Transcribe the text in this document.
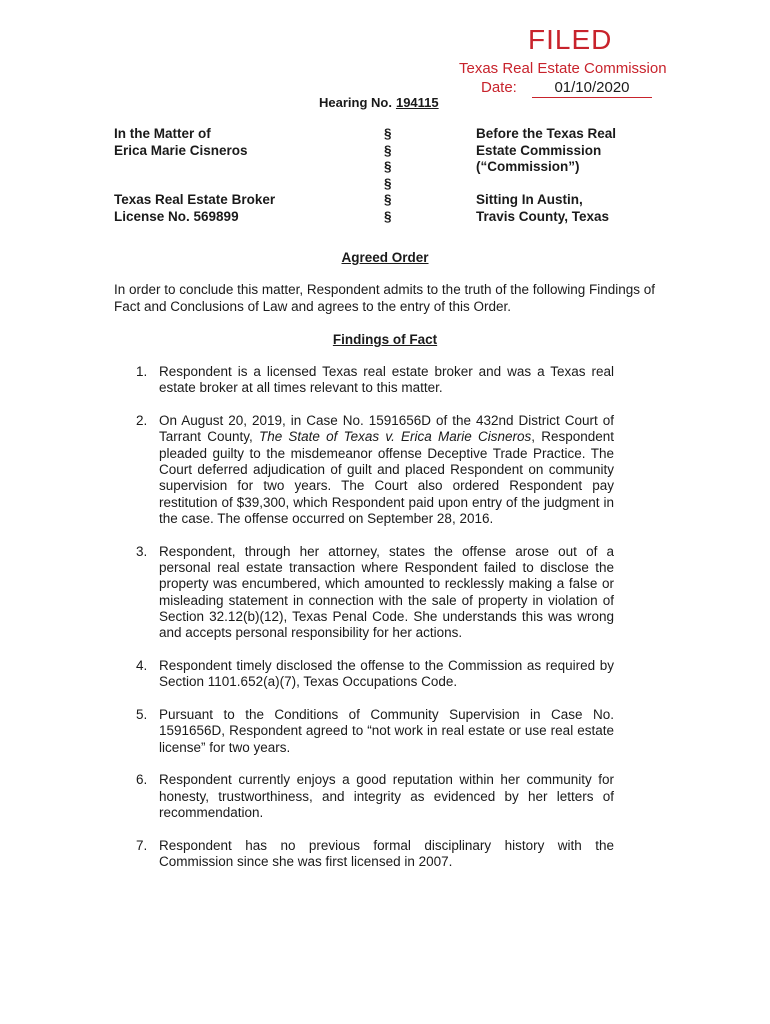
FILED
Texas Real Estate Commission
Date:	01/10/2020
Hearing No. 194115
In the Matter of
Erica Marie Cisneros
Texas Real Estate Broker
License No. 569899
§
§
§
§
§
§
Before the Texas Real
Estate Commission
(“Commission”)
Sitting In Austin,
Travis County, Texas
Agreed Order
In order to conclude this matter, Respondent admits to the truth of the following Findings of Fact and Conclusions of Law and agrees to the entry of this Order.
Findings of Fact
1. Respondent is a licensed Texas real estate broker and was a Texas real estate broker at all times relevant to this matter.
2. On August 20, 2019, in Case No. 1591656D of the 432nd District Court of Tarrant County, The State of Texas v. Erica Marie Cisneros, Respondent pleaded guilty to the misdemeanor offense Deceptive Trade Practice. The Court deferred adjudication of guilt and placed Respondent on community supervision for two years. The Court also ordered Respondent pay restitution of $39,300, which Respondent paid upon entry of the judgment in the case. The offense occurred on September 28, 2016.
3. Respondent, through her attorney, states the offense arose out of a personal real estate transaction where Respondent failed to disclose the property was encumbered, which amounted to recklessly making a false or misleading statement in connection with the sale of property in violation of Section 32.12(b)(12), Texas Penal Code. She understands this was wrong and accepts personal responsibility for her actions.
4. Respondent timely disclosed the offense to the Commission as required by Section 1101.652(a)(7), Texas Occupations Code.
5. Pursuant to the Conditions of Community Supervision in Case No. 1591656D, Respondent agreed to “not work in real estate or use real estate license” for two years.
6. Respondent currently enjoys a good reputation within her community for honesty, trustworthiness, and integrity as evidenced by her letters of recommendation.
7. Respondent has no previous formal disciplinary history with the Commission since she was first licensed in 2007.
